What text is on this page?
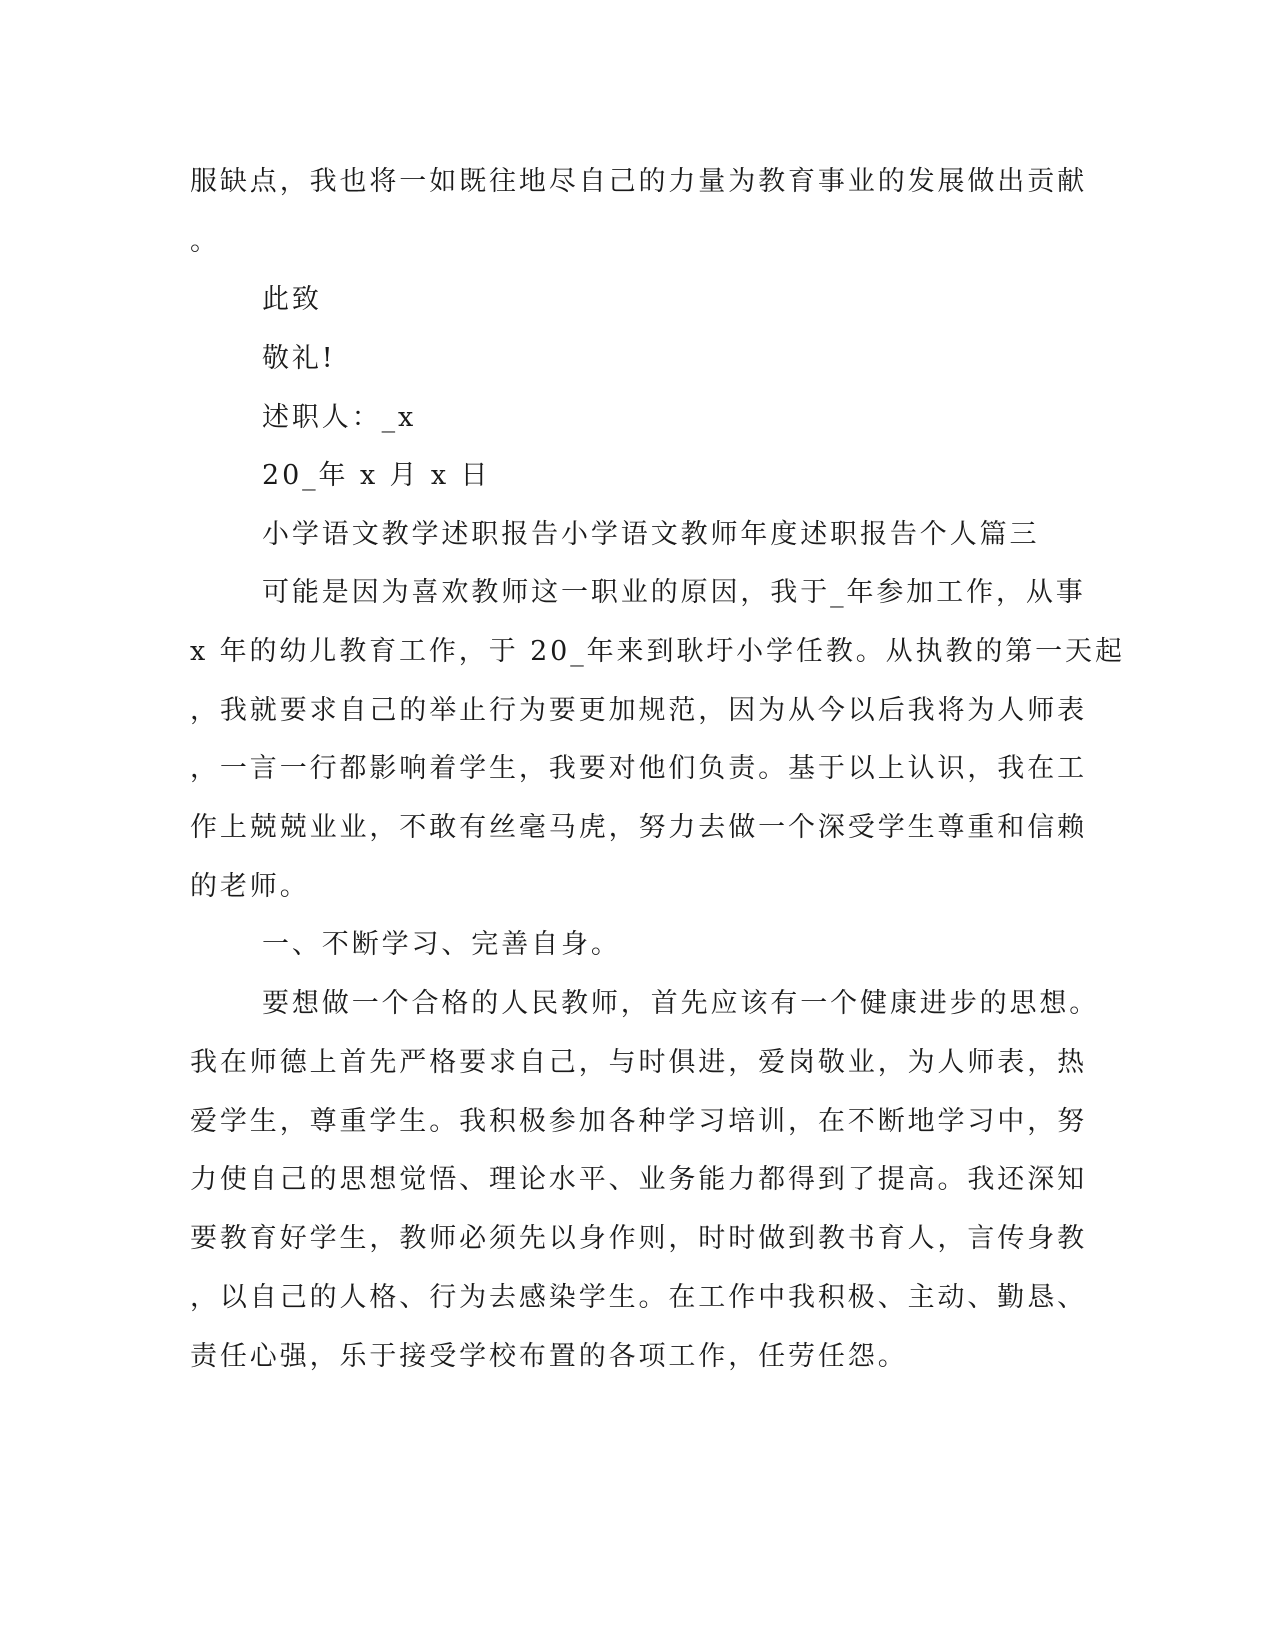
服缺点，我也将一如既往地尽自己的力量为教育事业的发展做出贡献
。
此致
敬礼!
述职人：_x
20_年 x 月 x 日
小学语文教学述职报告小学语文教师年度述职报告个人篇三
可能是因为喜欢教师这一职业的原因，我于_年参加工作，从事
x 年的幼儿教育工作，于 20_年来到耿圩小学任教。从执教的第一天起
，我就要求自己的举止行为要更加规范，因为从今以后我将为人师表
，一言一行都影响着学生，我要对他们负责。基于以上认识，我在工
作上兢兢业业，不敢有丝毫马虎，努力去做一个深受学生尊重和信赖
的老师。
一、不断学习、完善自身。
要想做一个合格的人民教师，首先应该有一个健康进步的思想。
我在师德上首先严格要求自己，与时俱进，爱岗敬业，为人师表，热
爱学生，尊重学生。我积极参加各种学习培训，在不断地学习中，努
力使自己的思想觉悟、理论水平、业务能力都得到了提高。我还深知
要教育好学生，教师必须先以身作则，时时做到教书育人，言传身教
，以自己的人格、行为去感染学生。在工作中我积极、主动、勤恳、
责任心强，乐于接受学校布置的各项工作，任劳任怨。
